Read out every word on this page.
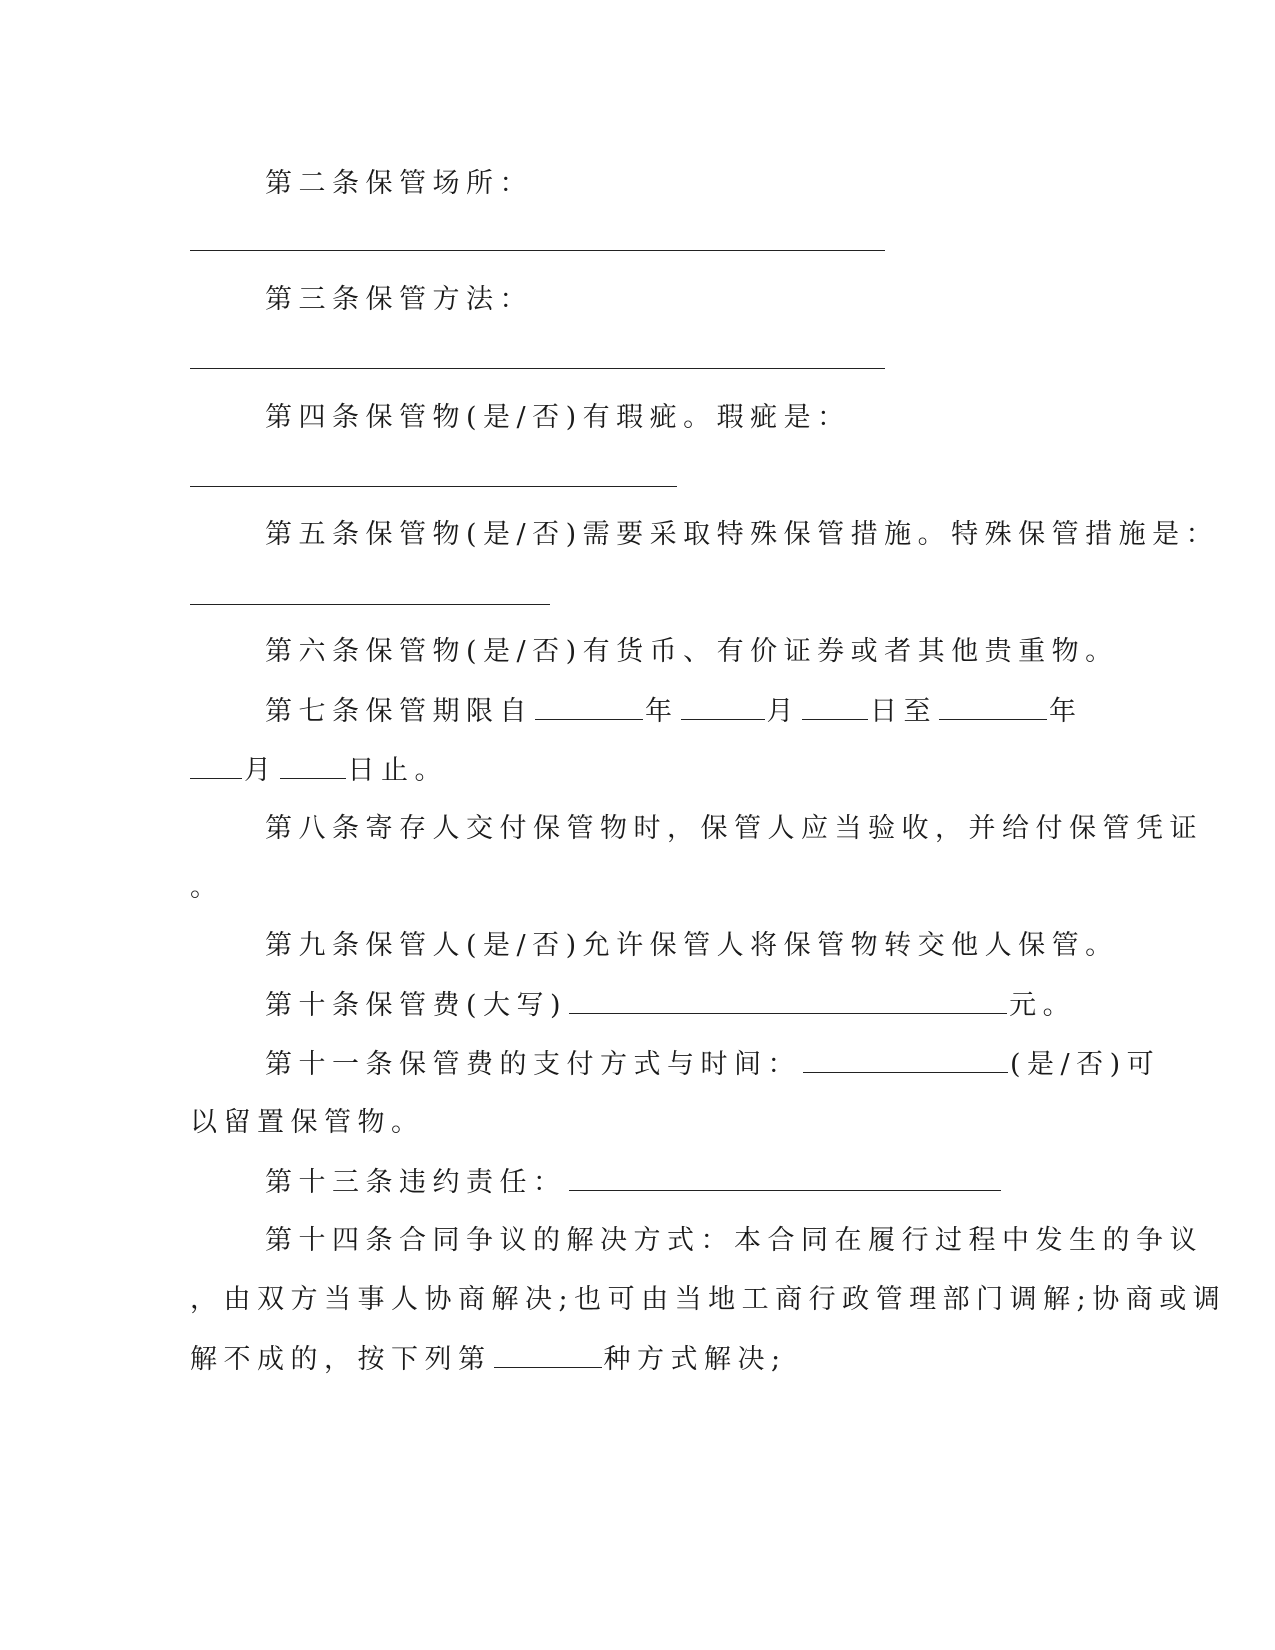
第二条保管场所：
第三条保管方法：
第四条保管物(是/否)有瑕疵。瑕疵是：
第五条保管物(是/否)需要采取特殊保管措施。特殊保管措施是：
第六条保管物(是/否)有货币、有价证券或者其他贵重物。
第七条保管期限自	年	月	日至	年
月	日止。
第八条寄存人交付保管物时，保管人应当验收，并给付保管凭证
。
第九条保管人(是/否)允许保管人将保管物转交他人保管。
第十条保管费(大写)	元。
第十一条保管费的支付方式与时间：	(是/否)可
以留置保管物。
第十三条违约责任：
第十四条合同争议的解决方式：本合同在履行过程中发生的争议
，由双方当事人协商解决;也可由当地工商行政管理部门调解;协商或调
解不成的，按下列第	种方式解决;
